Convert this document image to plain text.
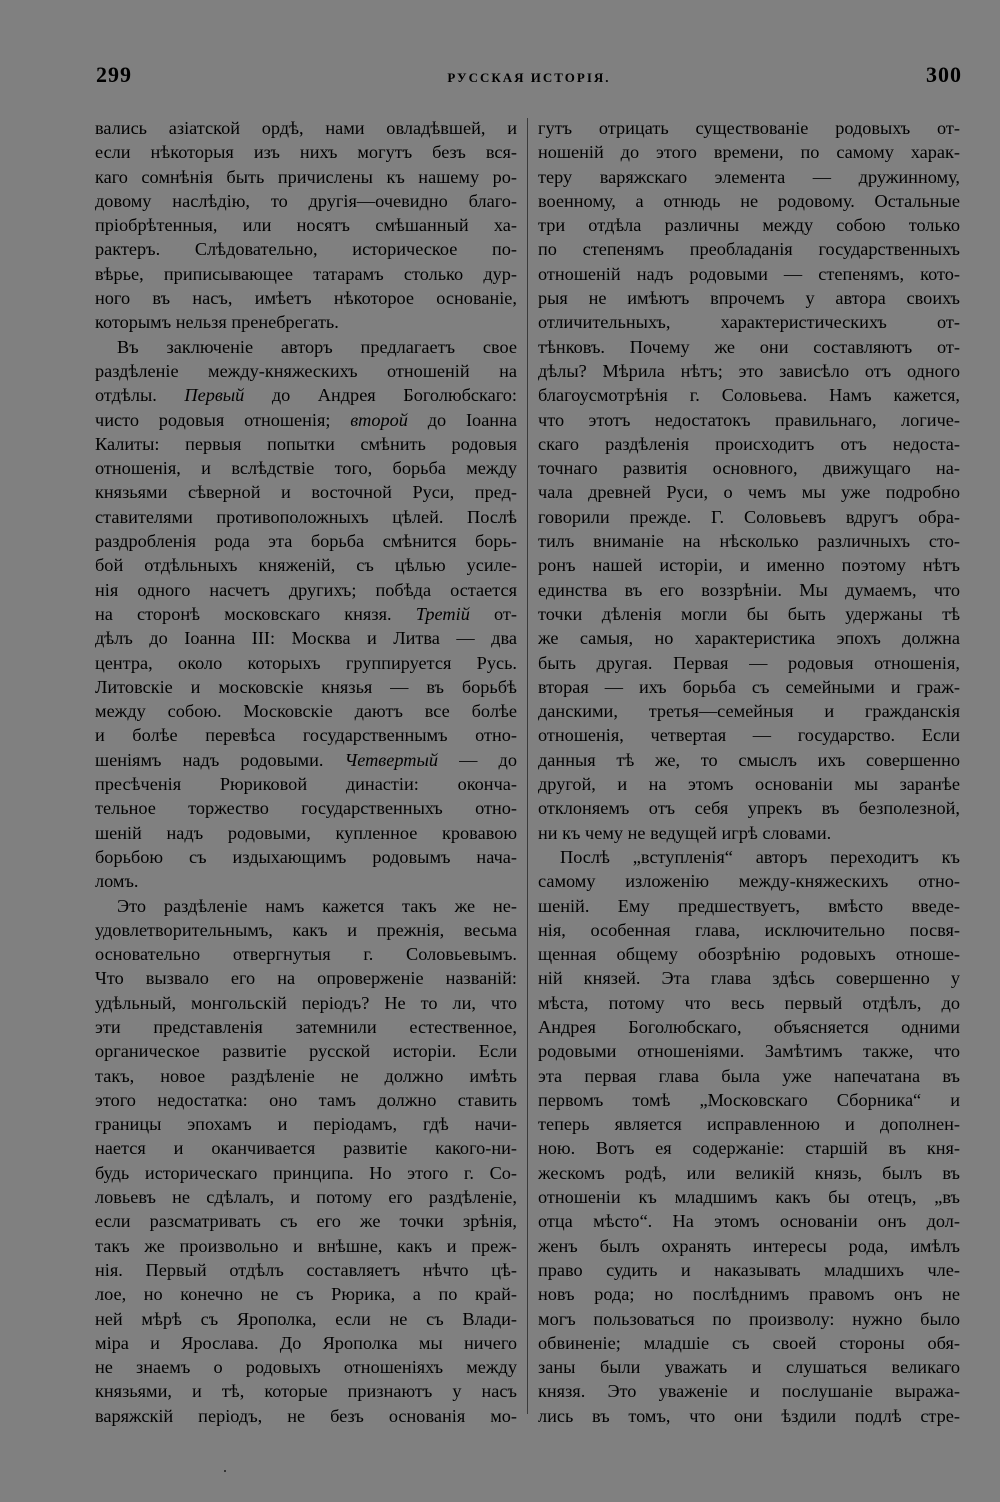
299	РУССКАЯ ИСТОРІЯ.	300
вались азіатской ордѣ, нами овладѣвшей, и
если нѣкоторыя изъ нихъ могутъ безъ вся-
каго сомнѣнія быть причислены къ нашему ро-
довому наслѣдію, то другія—очевидно благо-
пріобрѣтенныя, или носятъ смѣшанный ха-
рактеръ. Слѣдовательно, историческое по-
вѣрье, приписывающее татарамъ столько дур-
ного въ насъ, имѣетъ нѣкоторое основаніе,
которымъ нельзя пренебрегать.
Въ заключеніе авторъ предлагаетъ свое
раздѣленіе между-княжескихъ отношеній на
отдѣлы. Первый до Андрея Боголюбскаго:
чисто родовыя отношенія; второй до Іоанна
Калиты: первыя попытки смѣнить родовыя
отношенія, и вслѣдствіе того, борьба между
князьями сѣверной и восточной Руси, пред-
ставителями противоположныхъ цѣлей. Послѣ
раздробленія рода эта борьба смѣнится борь-
бой отдѣльныхъ княженій, съ цѣлью усиле-
нія одного насчетъ другихъ; побѣда остается
на сторонѣ московскаго князя. Третій от-
дѣлъ до Іоанна III: Москва и Литва — два
центра, около которыхъ группируется Русь.
Литовскіе и московскіе князья — въ борьбѣ
между собою. Московскіе даютъ все болѣе
и болѣе перевѣса государственнымъ отно-
шеніямъ надъ родовыми. Четвертый — до
пресѣченія Рюриковой династіи: оконча-
тельное торжество государственныхъ отно-
шеній надъ родовыми, купленное кровавою
борьбою съ издыхающимъ родовымъ нача-
ломъ.
Это раздѣленіе намъ кажется такъ же не-
удовлетворительнымъ, какъ и прежнія, весьма
основательно отвергнутыя г. Соловьевымъ.
Что вызвало его на опроверженіе названій:
удѣльный, монгольскій періодъ? Не то ли, что
эти представленія затемнили естественное,
органическое развитіе русской исторіи. Если
такъ, новое раздѣленіе не должно имѣть
этого недостатка: оно тамъ должно ставить
границы эпохамъ и періодамъ, гдѣ начи-
нается и оканчивается развитіе какого-ни-
будь историческаго принципа. Но этого г. Со-
ловьевъ не сдѣлалъ, и потому его раздѣленіе,
если разсматривать съ его же точки зрѣнія,
такъ же произвольно и внѣшне, какъ и преж-
нія. Первый отдѣлъ составляетъ нѣчто цѣ-
лое, но конечно не съ Рюрика, а по край-
ней мѣрѣ съ Ярополка, если не съ Влади-
міра и Ярослава. До Ярополка мы ничего
не знаемъ о родовыхъ отношеніяхъ между
князьями, и тѣ, которые признаютъ у насъ
варяжскій періодъ, не безъ основанія мо-
гутъ отрицать существованіе родовыхъ от-
ношеній до этого времени, по самому харак-
теру варяжскаго элемента — дружинному,
военному, а отнюдь не родовому. Остальные
три отдѣла различны между собою только
по степенямъ преобладанія государственныхъ
отношеній надъ родовыми — степенямъ, кото-
рыя не имѣютъ впрочемъ у автора своихъ
отличительныхъ, характеристическихъ от-
тѣнковъ. Почему же они составляютъ от-
дѣлы? Мѣрила нѣтъ; это зависѣло отъ одного
благоусмотрѣнія г. Соловьева. Намъ кажется,
что этотъ недостатокъ правильнаго, логиче-
скаго раздѣленія происходитъ отъ недоста-
точнаго развитія основного, движущаго на-
чала древней Руси, о чемъ мы уже подробно
говорили прежде. Г. Соловьевъ вдругъ обра-
тилъ вниманіе на нѣсколько различныхъ сто-
ронъ нашей исторіи, и именно поэтому нѣтъ
единства въ его воззрѣніи. Мы думаемъ, что
точки дѣленія могли бы быть удержаны тѣ
же самыя, но характеристика эпохъ должна
быть другая. Первая — родовыя отношенія,
вторая — ихъ борьба съ семейными и граж-
данскими, третья—семейныя и гражданскія
отношенія, четвертая — государство. Если
данныя тѣ же, то смыслъ ихъ совершенно
другой, и на этомъ основаніи мы заранѣе
отклоняемъ отъ себя упрекъ въ безполезной,
ни къ чему не ведущей игрѣ словами.
Послѣ „вступленія“ авторъ переходитъ къ
самому изложенію между-княжескихъ отно-
шеній. Ему предшествуетъ, вмѣсто введе-
нія, особенная глава, исключительно посвя-
щенная общему обозрѣнію родовыхъ отноше-
ній князей. Эта глава здѣсь совершенно у
мѣста, потому что весь первый отдѣлъ, до
Андрея Боголюбскаго, объясняется одними
родовыми отношеніями. Замѣтимъ также, что
эта первая глава была уже напечатана въ
первомъ томѣ „Московскаго Сборника“ и
теперь является исправленною и дополнен-
ною. Вотъ ея содержаніе: старшій въ кня-
жескомъ родѣ, или великій князь, былъ въ
отношеніи къ младшимъ какъ бы отецъ, „въ
отца мѣсто“. На этомъ основаніи онъ дол-
женъ былъ охранять интересы рода, имѣлъ
право судить и наказывать младшихъ чле-
новъ рода; но послѣднимъ правомъ онъ не
могъ пользоваться по произволу: нужно было
обвиненіе; младшіе съ своей стороны обя-
заны были уважать и слушаться великаго
князя. Это уваженіе и послушаніе выража-
лись въ томъ, что они ѣздили подлѣ стре-
